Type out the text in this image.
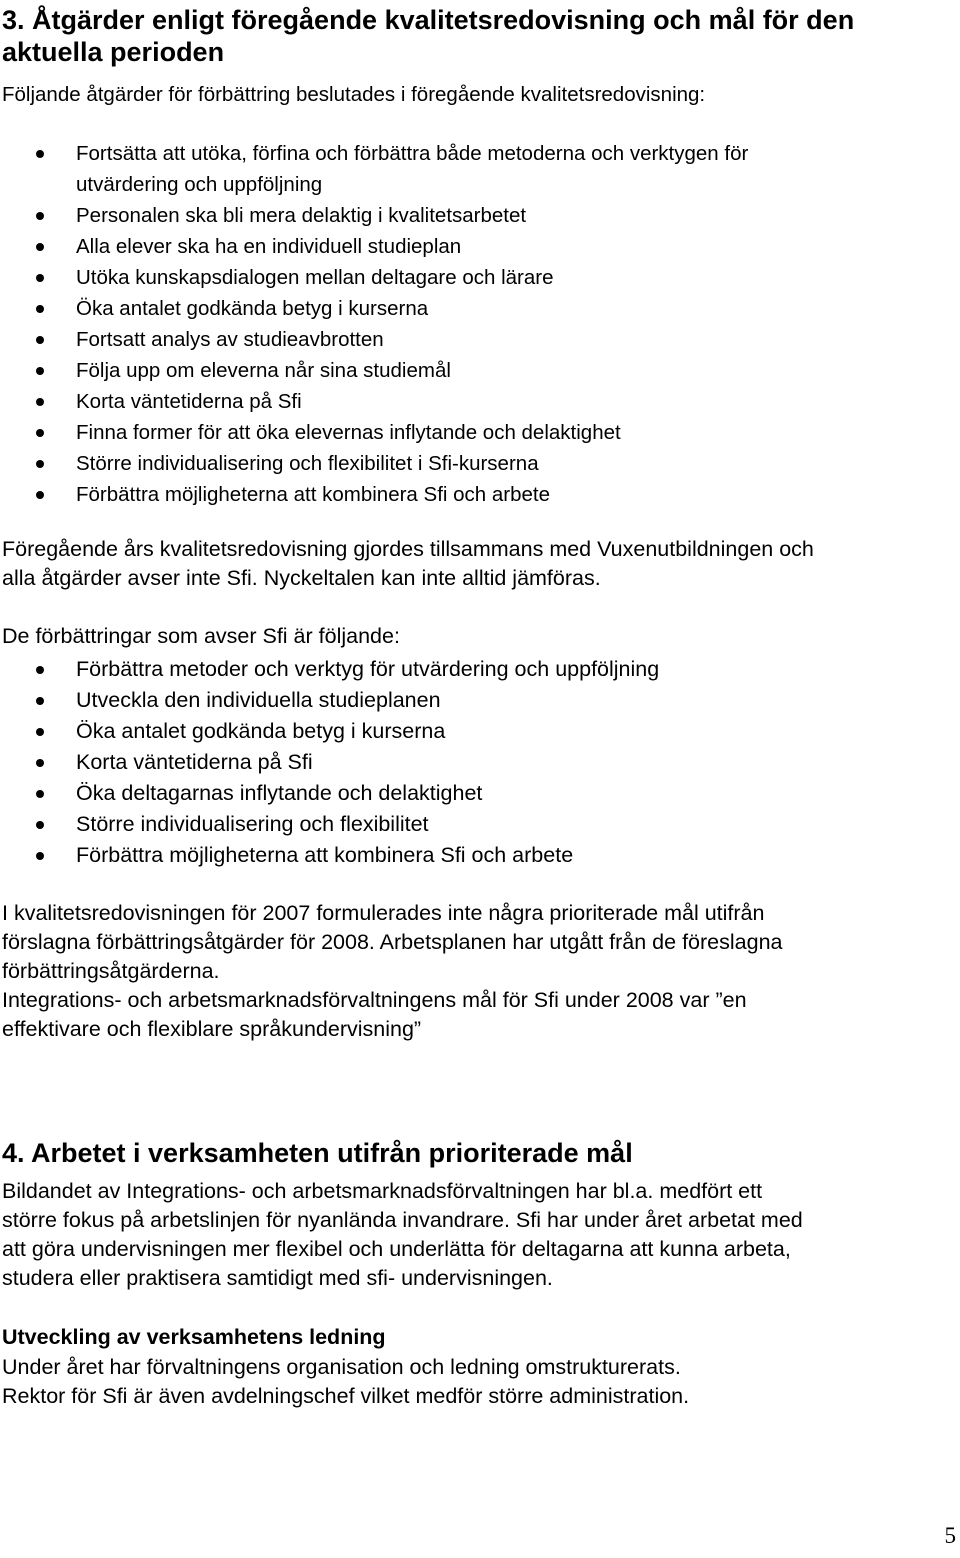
3. Åtgärder enligt föregående kvalitetsredovisning och mål för den
aktuella perioden
Följande åtgärder för förbättring beslutades i föregående kvalitetsredovisning:
Fortsätta att utöka, förfina och förbättra både metoderna och verktygen för
utvärdering och uppföljning
Personalen ska bli mera delaktig i kvalitetsarbetet
Alla elever ska ha en individuell studieplan
Utöka kunskapsdialogen mellan deltagare och lärare
Öka antalet godkända betyg i kurserna
Fortsatt analys av studieavbrotten
Följa upp om eleverna når sina studiemål
Korta väntetiderna på Sfi
Finna former för att öka elevernas inflytande och delaktighet
Större individualisering och flexibilitet i Sfi-kurserna
Förbättra möjligheterna att kombinera Sfi och arbete
Föregående års kvalitetsredovisning gjordes tillsammans med Vuxenutbildningen och
alla åtgärder avser inte Sfi. Nyckeltalen kan inte alltid jämföras.
De förbättringar som avser Sfi är följande:
Förbättra metoder och verktyg för utvärdering och uppföljning
Utveckla den individuella studieplanen
Öka antalet godkända betyg i kurserna
Korta väntetiderna på Sfi
Öka deltagarnas inflytande och delaktighet
Större individualisering och flexibilitet
Förbättra möjligheterna att kombinera Sfi och arbete
I kvalitetsredovisningen för 2007 formulerades inte några prioriterade mål utifrån
förslagna förbättringsåtgärder för 2008. Arbetsplanen har utgått från de föreslagna
förbättringsåtgärderna.
Integrations- och arbetsmarknadsförvaltningens mål för Sfi under 2008 var ”en
effektivare och flexiblare språkundervisning”
4. Arbetet i verksamheten utifrån prioriterade mål
Bildandet av Integrations- och arbetsmarknadsförvaltningen har bl.a. medfört ett
större fokus på arbetslinjen för nyanlända invandrare. Sfi har under året arbetat med
att göra undervisningen mer flexibel och underlätta för deltagarna att kunna arbeta,
studera eller praktisera samtidigt med sfi- undervisningen.
Utveckling av verksamhetens ledning
Under året har förvaltningens organisation och ledning omstrukturerats.
Rektor för Sfi är även avdelningschef vilket medför större administration.
5
